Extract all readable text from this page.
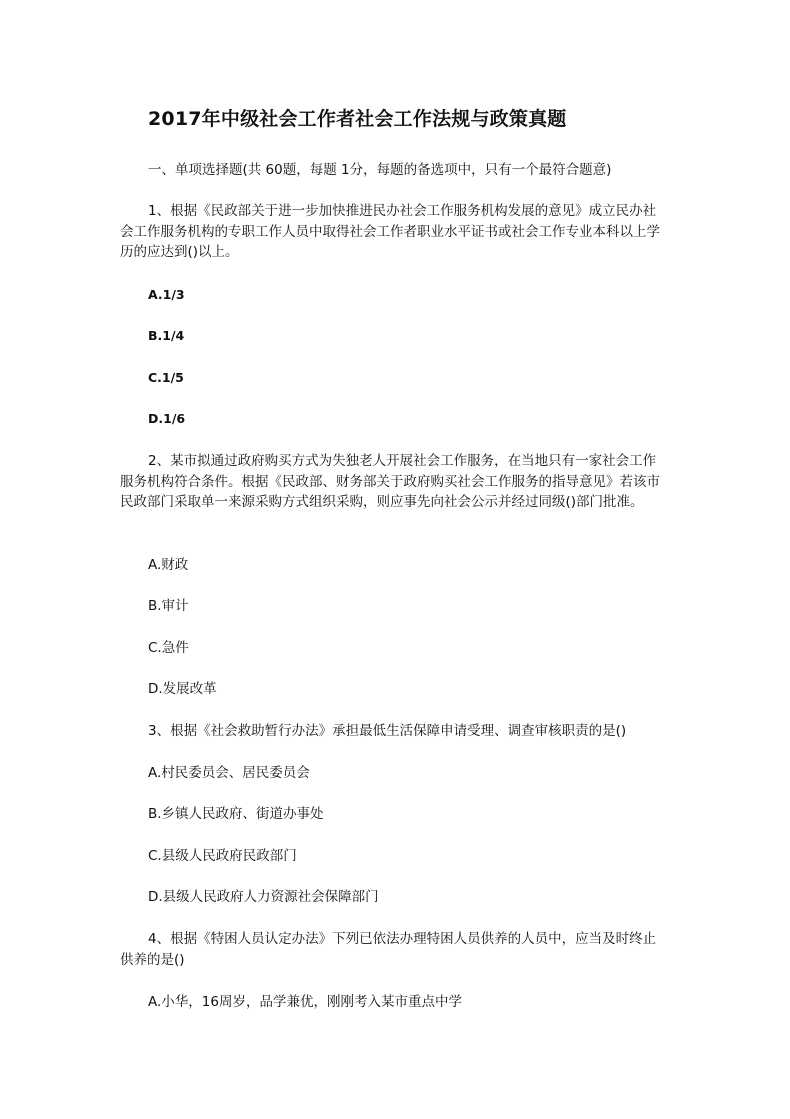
2017年中级社会工作者社会工作法规与政策真题
一、单项选择题(共 60题，每题 1分，每题的备选项中，只有一个最符合题意)

1、根据《民政部关于进一步加快推进民办社会工作服务机构发展的意见》成立民办社会工作服务机构的专职工作人员中取得社会工作者职业水平证书或社会工作专业本科以上学历的应达到()以上。

A.1/3
B.1/4
C.1/5
D.1/6

2、某市拟通过政府购买方式为失独老人开展社会工作服务，在当地只有一家社会工作服务机构符合条件。根据《民政部、财务部关于政府购买社会工作服务的指导意见》若该市民政部门采取单一来源采购方式组织采购，则应事先向社会公示并经过同级()部门批准。

A.财政
B.审计
C.急件
D.发展改革
3、根据《社会救助暂行办法》承担最低生活保障申请受理、调查审核职责的是()
A.村民委员会、居民委员会
B.乡镇人民政府、街道办事处
C.县级人民政府民政部门
D.县级人民政府人力资源社会保障部门

4、根据《特困人员认定办法》下列已依法办理特困人员供养的人员中，应当及时终止供养的是()

A.小华，16周岁，品学兼优，刚刚考入某市重点中学
